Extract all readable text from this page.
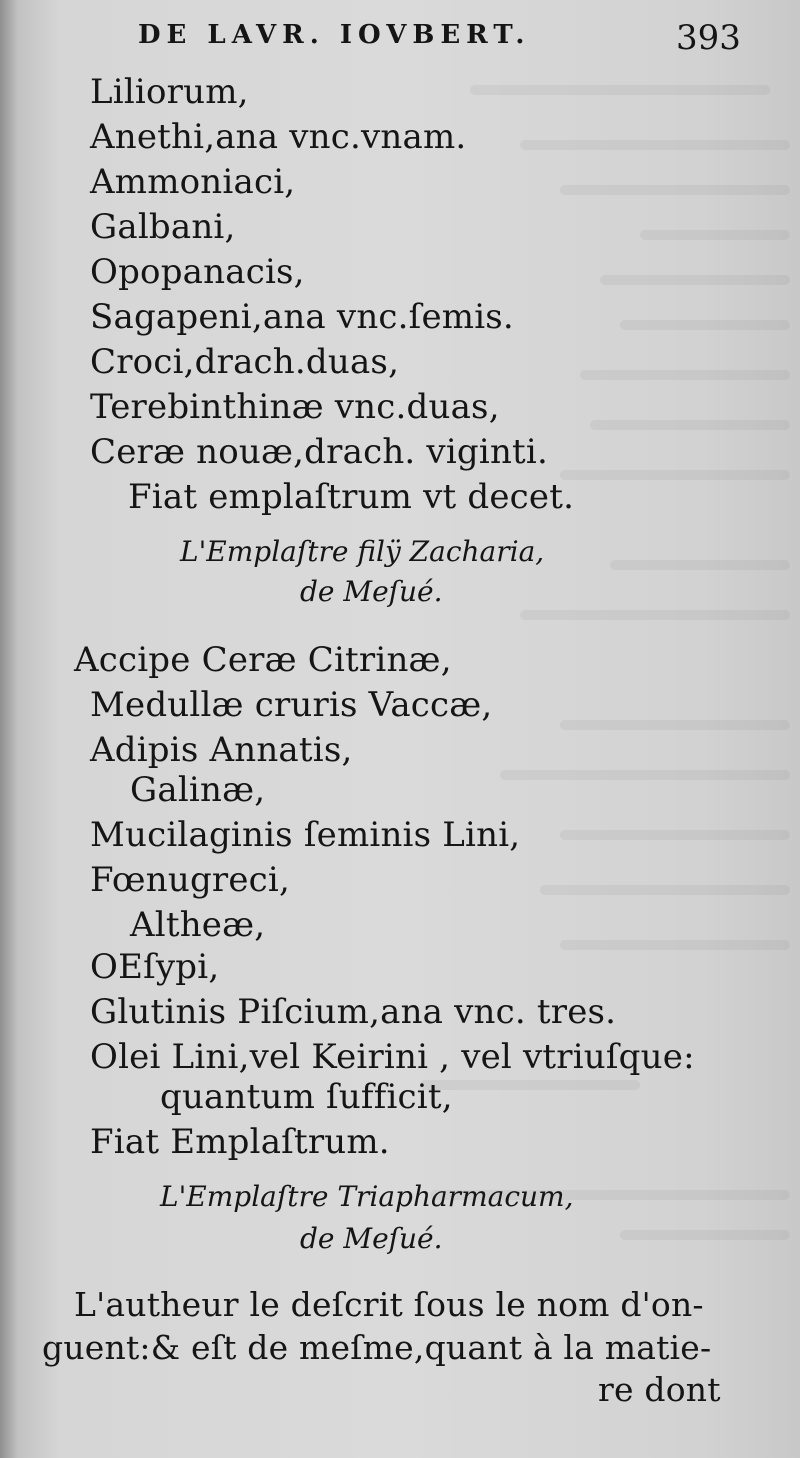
DE LAVR. IOVBERT.	393
Liliorum,
Anethi,ana vnc.vnam.
Ammoniaci,
Galbani,
Opopanacis,
Sagapeni,ana vnc.ſemis.
Croci,drach.duas,
Terebinthinæ vnc.duas,
Ceræ nouæ,drach. viginti.
Fiat emplaſtrum vt decet.
L'Emplaſtre filÿ Zacharia,
de Meſué.
Accipe Ceræ Citrinæ,
Medullæ cruris Vaccæ,
Adipis Annatis,
Galinæ,
Mucilaginis ſeminis Lini,
Fœnugreci,
Altheæ,
OEſypi,
Glutinis Piſcium,ana vnc. tres.
Olei Lini,vel Keirini , vel vtriuſque:
quantum ſufficit,
Fiat Emplaſtrum.
L'Emplaſtre Triapharmacum,
de Meſué.
L'autheur le deſcrit ſous le nom d'on-
guent:& eſt de meſme,quant à la matie-
re dont
